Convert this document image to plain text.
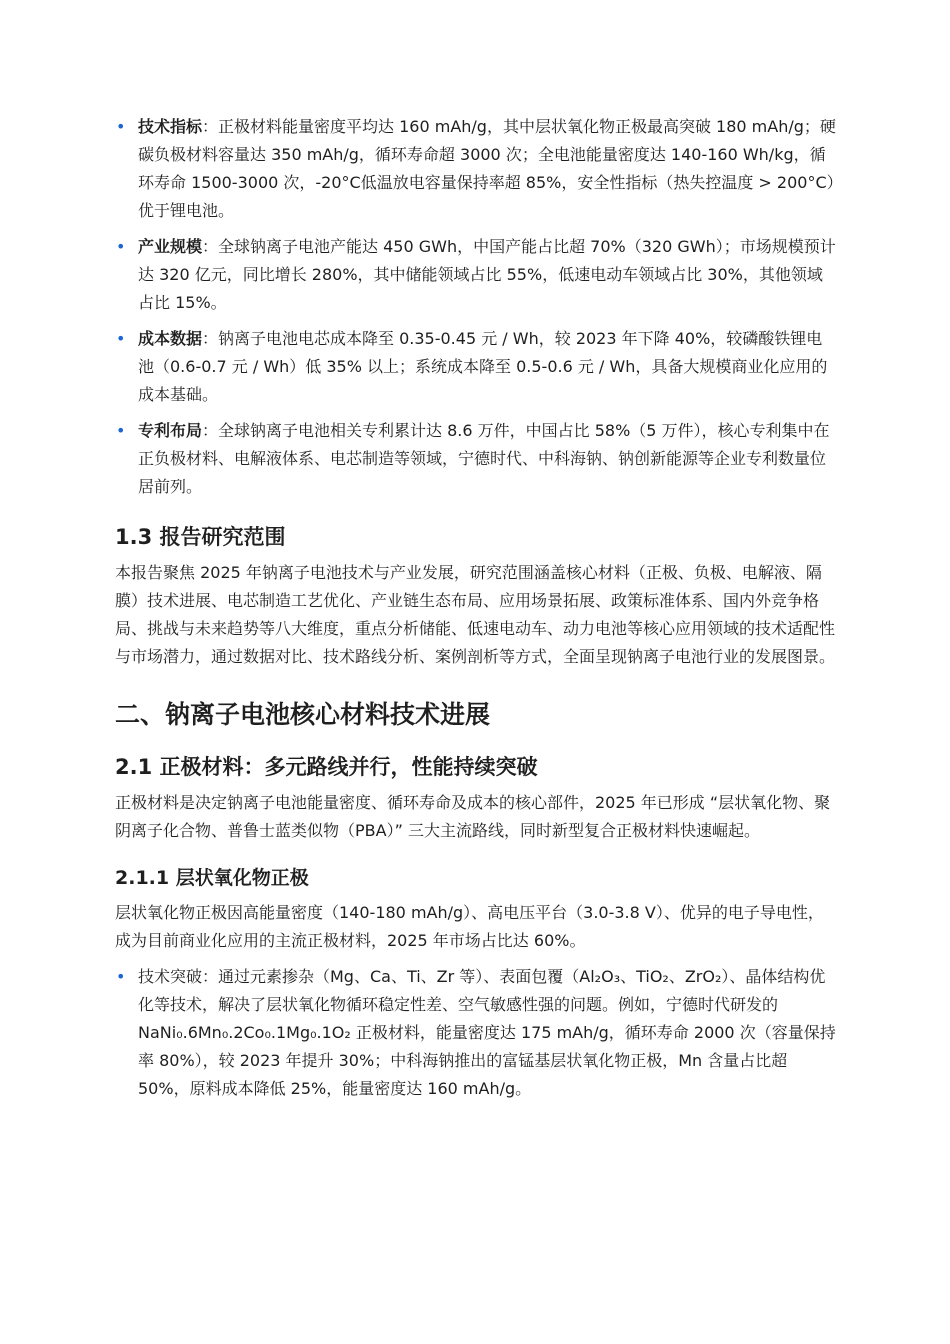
• 技术指标：正极材料能量密度平均达 160 mAh/g，其中层状氧化物正极最高突破 180 mAh/g；硬碳负极材料容量达 350 mAh/g，循环寿命超 3000 次；全电池能量密度达 140-160 Wh/kg，循环寿命 1500-3000 次，-20°C低温放电容量保持率超 85%，安全性指标（热失控温度 > 200°C）优于锂电池。
• 产业规模：全球钠离子电池产能达 450 GWh，中国产能占比超 70%（320 GWh）；市场规模预计达 320 亿元，同比增长 280%，其中储能领域占比 55%，低速电动车领域占比 30%，其他领域占比 15%。
• 成本数据：钠离子电池电芯成本降至 0.35-0.45 元 / Wh，较 2023 年下降 40%，较磷酸铁锂电池（0.6-0.7 元 / Wh）低 35% 以上；系统成本降至 0.5-0.6 元 / Wh，具备大规模商业化应用的成本基础。
• 专利布局：全球钠离子电池相关专利累计达 8.6 万件，中国占比 58%（5 万件），核心专利集中在正负极材料、电解液体系、电芯制造等领域，宁德时代、中科海钠、钠创新能源等企业专利数量位居前列。
1.3 报告研究范围

本报告聚焦 2025 年钠离子电池技术与产业发展，研究范围涵盖核心材料（正极、负极、电解液、隔膜）技术进展、电芯制造工艺优化、产业链生态布局、应用场景拓展、政策标准体系、国内外竞争格局、挑战与未来趋势等八大维度，重点分析储能、低速电动车、动力电池等核心应用领域的技术适配性与市场潜力，通过数据对比、技术路线分析、案例剖析等方式，全面呈现钠离子电池行业的发展图景。

二、钠离子电池核心材料技术进展
2.1 正极材料：多元路线并行，性能持续突破

正极材料是决定钠离子电池能量密度、循环寿命及成本的核心部件，2025 年已形成 “层状氧化物、聚阴离子化合物、普鲁士蓝类似物（PBA）” 三大主流路线，同时新型复合正极材料快速崛起。

2.1.1 层状氧化物正极

层状氧化物正极因高能量密度（140-180 mAh/g）、高电压平台（3.0-3.8 V）、优异的电子导电性，成为目前商业化应用的主流正极材料，2025 年市场占比达 60%。

• 技术突破：通过元素掺杂（Mg、Ca、Ti、Zr 等）、表面包覆（Al₂O₃、TiO₂、ZrO₂）、晶体结构优化等技术，解决了层状氧化物循环稳定性差、空气敏感性强的问题。例如，宁德时代研发的 NaNi₀.6Mn₀.2Co₀.1Mg₀.1O₂ 正极材料，能量密度达 175 mAh/g，循环寿命 2000 次（容量保持率 80%），较 2023 年提升 30%；中科海钠推出的富锰基层状氧化物正极，Mn 含量占比超 50%，原料成本降低 25%，能量密度达 160 mAh/g。
